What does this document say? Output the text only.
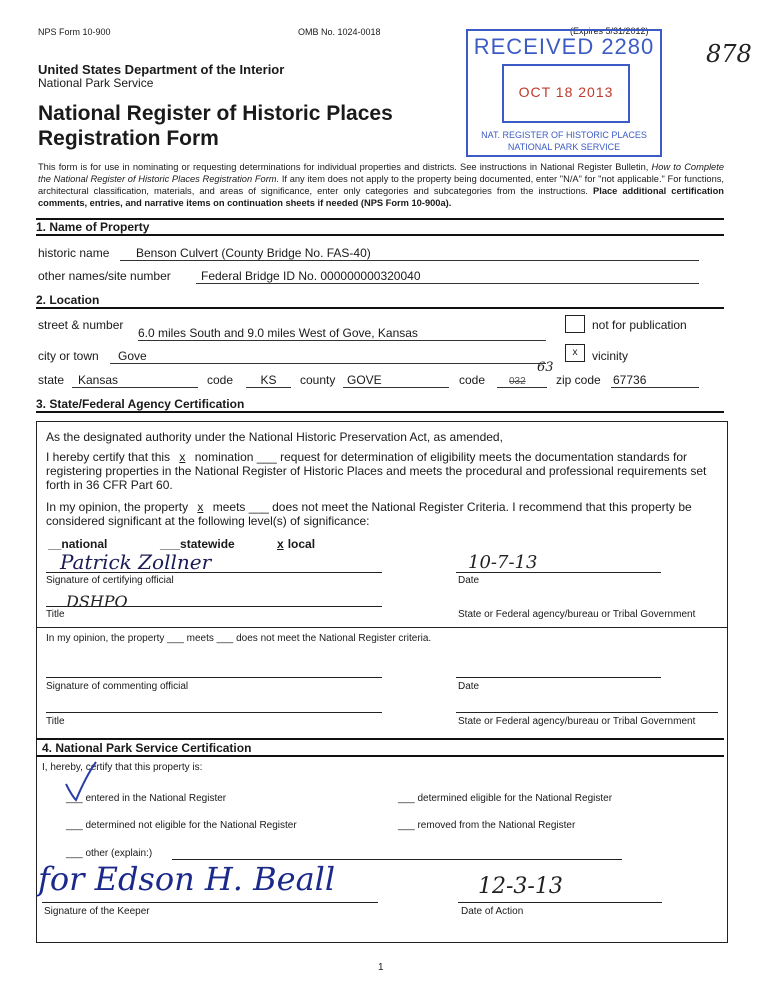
NPS Form 10-900	OMB No. 1024-0018	(Expires 5/31/2012)
United States Department of the Interior
National Park Service
National Register of Historic Places
Registration Form
878
RECEIVED 2280
OCT 18 2013
NAT. REGISTER OF HISTORIC PLACES
NATIONAL PARK SERVICE
This form is for use in nominating or requesting determinations for individual properties and districts. See instructions in National Register Bulletin, How to Complete the National Register of Historic Places Registration Form. If any item does not apply to the property being documented, enter "N/A" for "not applicable." For functions, architectural classification, materials, and areas of significance, enter only categories and subcategories from the instructions. Place additional certification comments, entries, and narrative items on continuation sheets if needed (NPS Form 10-900a).
1. Name of Property
historic name	Benson Culvert (County Bridge No. FAS-40)
other names/site number	Federal Bridge ID No. 000000000320040
2. Location
street & number
6.0 miles South and 9.0 miles West of Gove, Kansas
not for publication
city or town	Gove	x	vicinity
state	Kansas	code	KS	county GOVE	code	032
63
zip code 67736
3. State/Federal Agency Certification
As the designated authority under the National Historic Preservation Act, as amended,
I hereby certify that this x nomination ___ request for determination of eligibility meets the documentation standards for registering properties in the National Register of Historic Places and meets the procedural and professional requirements set forth in 36 CFR Part 60.
In my opinion, the property x meets ___ does not meet the National Register Criteria. I recommend that this property be considered significant at the following level(s) of significance:
__national	___statewide	x local
Patrick Zollner
Signature of certifying official
10-7-13
Date
DSHPO
Title	State or Federal agency/bureau or Tribal Government
In my opinion, the property ___ meets ___ does not meet the National Register criteria.
Signature of commenting official	Date
Title	State or Federal agency/bureau or Tribal Government
4. National Park Service Certification
I, hereby, certify that this property is:
___ entered in the National Register	___ determined eligible for the National Register
___ determined not eligible for the National Register	___ removed from the National Register
___ other (explain:)
for Edson H. Beall
Signature of the Keeper
12-3-13
Date of Action
1
